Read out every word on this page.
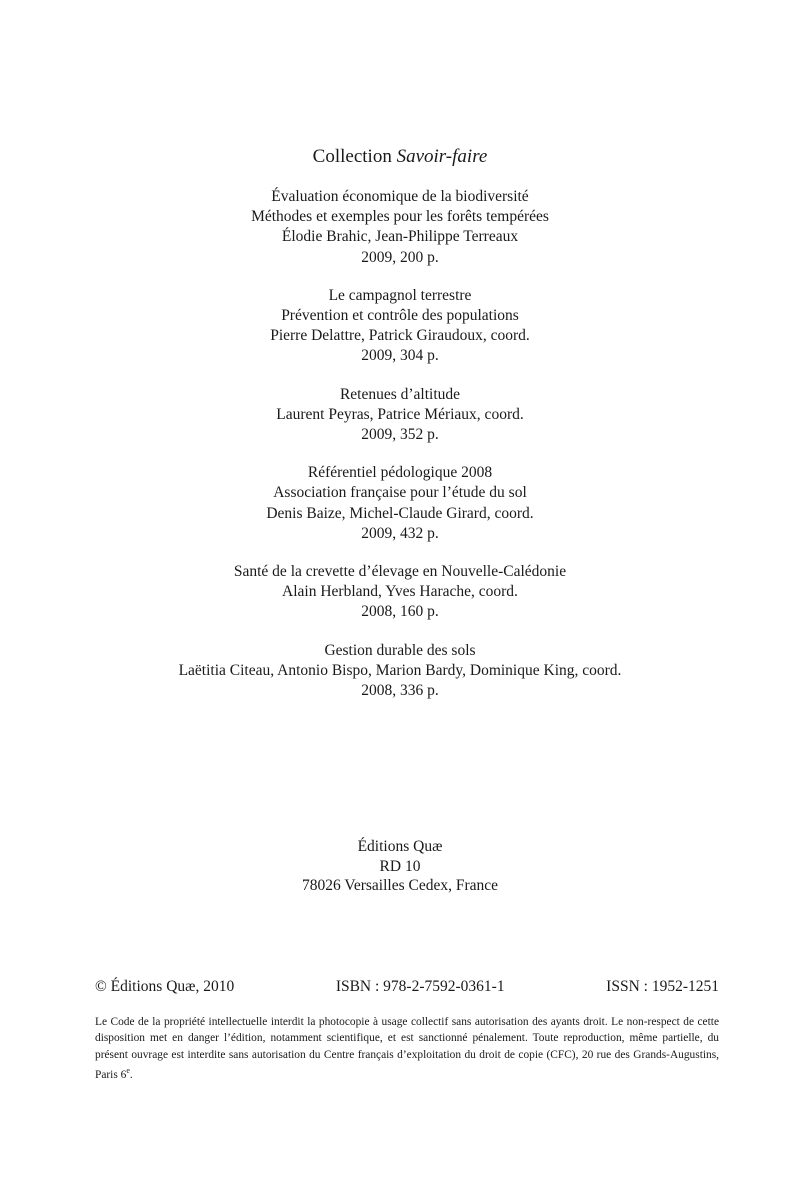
Collection Savoir-faire
Évaluation économique de la biodiversité
Méthodes et exemples pour les forêts tempérées
Élodie Brahic, Jean-Philippe Terreaux
2009, 200 p.
Le campagnol terrestre
Prévention et contrôle des populations
Pierre Delattre, Patrick Giraudoux, coord.
2009, 304 p.
Retenues d’altitude
Laurent Peyras, Patrice Mériaux, coord.
2009, 352 p.
Référentiel pédologique 2008
Association française pour l’étude du sol
Denis Baize, Michel-Claude Girard, coord.
2009, 432 p.
Santé de la crevette d’élevage en Nouvelle-Calédonie
Alain Herbland, Yves Harache, coord.
2008, 160 p.
Gestion durable des sols
Laëtitia Citeau, Antonio Bispo, Marion Bardy, Dominique King, coord.
2008, 336 p.
Éditions Quæ
RD 10
78026 Versailles Cedex, France
© Éditions Quæ, 2010	ISBN : 978-2-7592-0361-1	ISSN : 1952-1251
Le Code de la propriété intellectuelle interdit la photocopie à usage collectif sans autorisation des ayants droit. Le non-respect de cette disposition met en danger l’édition, notamment scientifique, et est sanctionné pénalement. Toute reproduction, même partielle, du présent ouvrage est interdite sans autorisation du Centre français d’exploitation du droit de copie (CFC), 20 rue des Grands-Augustins, Paris 6e.
